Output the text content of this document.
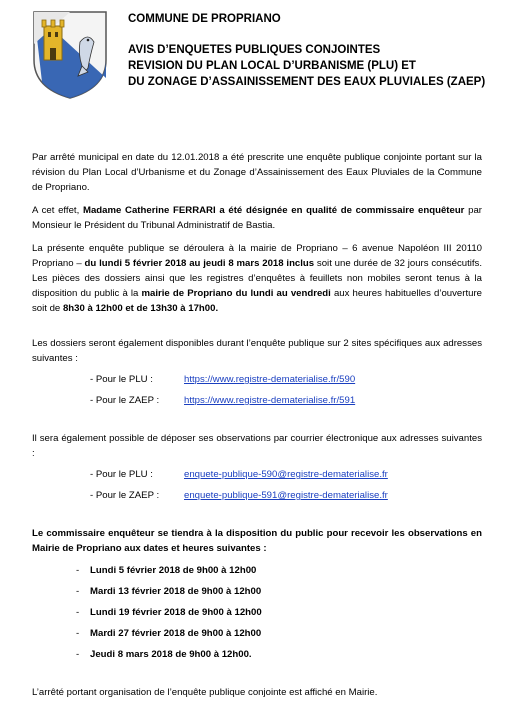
COMMUNE DE PROPRIANO
AVIS D’ENQUETES PUBLIQUES CONJOINTES
REVISION DU PLAN LOCAL D’URBANISME (PLU) ET
DU ZONAGE D’ASSAINISSEMENT DES EAUX PLUVIALES (ZAEP)

Par arrêté municipal en date du 12.01.2018 a été prescrite une enquête publique conjointe portant sur la révision du Plan Local d’Urbanisme et du Zonage d’Assainissement des Eaux Pluviales de la Commune de Propriano.

A cet effet, Madame Catherine FERRARI a été désignée en qualité de commissaire enquêteur par Monsieur le Président du Tribunal Administratif de Bastia.

La présente enquête publique se déroulera à la mairie de Propriano – 6 avenue Napoléon III 20110 Propriano – du lundi 5 février 2018 au jeudi 8 mars 2018 inclus soit une durée de 32 jours consécutifs. Les pièces des dossiers ainsi que les registres d’enquêtes à feuillets non mobiles seront tenus à la disposition du public à la mairie de Propriano du lundi au vendredi aux heures habituelles d’ouverture soit de 8h30 à 12h00 et de 13h30 à 17h00.

Les dossiers seront également disponibles durant l’enquête publique sur 2 sites spécifiques aux adresses suivantes :

- Pour le PLU :	https://www.registre-dematerialise.fr/590
- Pour le ZAEP :	https://www.registre-dematerialise.fr/591

Il sera également possible de déposer ses observations par courrier électronique aux adresses suivantes :

- Pour le PLU :	enquete-publique-590@registre-dematerialise.fr
- Pour le ZAEP :	enquete-publique-591@registre-dematerialise.fr

Le commissaire enquêteur se tiendra à la disposition du public pour recevoir les observations en Mairie de Propriano aux dates et heures suivantes :

- Lundi 5 février 2018 de 9h00 à 12h00
- Mardi 13 février 2018 de 9h00 à 12h00
- Lundi 19 février 2018 de 9h00 à 12h00
- Mardi 27 février 2018 de 9h00 à 12h00
- Jeudi 8 mars 2018 de 9h00 à 12h00.

L’arrêté portant organisation de l’enquête publique conjointe est affiché en Mairie.
